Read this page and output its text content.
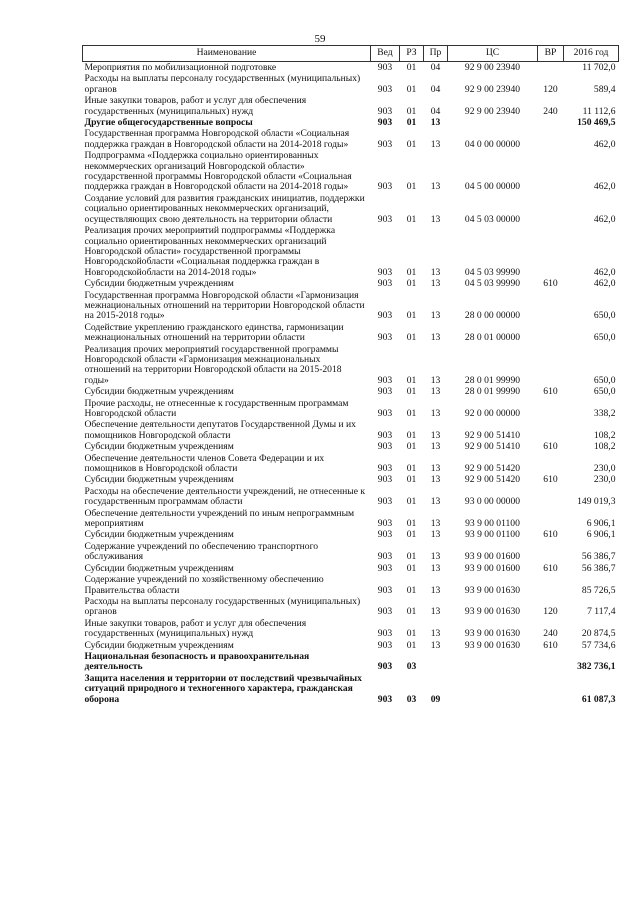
59
Наименование	Вед	РЗ	Пр	ЦС	ВР	2016 год
Мероприятия по мобилизационной подготовке	903	01	04	92 9 00 23940		11 702,0
Расходы на выплаты персоналу государственных (муниципальных) органов	903	01	04	92 9 00 23940	120	589,4
Иные закупки товаров, работ и услуг для обеспечения государственных (муниципальных) нужд	903	01	04	92 9 00 23940	240	11 112,6
Другие общегосударственные вопросы	903	01	13			150 469,5
Государственная программа Новгородской области «Социальная поддержка граждан в Новгородской области на 2014-2018 годы»	903	01	13	04 0 00 00000		462,0
Подпрограмма «Поддержка социально ориентированных некоммерческих организаций Новгородской области» государственной программы Новгородской области «Социальная поддержка граждан в Новгородской области на 2014-2018 годы»	903	01	13	04 5 00 00000		462,0
Создание условий для развития гражданских инициатив, поддержки социально ориентированных некоммерческих организаций, осуществляющих свою деятельность на территории области	903	01	13	04 5 03 00000		462,0
Реализация прочих мероприятий подпрограммы «Поддержка социально ориентированных некоммерческих организаций Новгородской области» государственной программы Новгородскойобласти «Социальная поддержка граждан в Новгородскойобласти на 2014-2018 годы»	903	01	13	04 5 03 99990		462,0
Субсидии бюджетным учреждениям	903	01	13	04 5 03 99990	610	462,0
Государственная программа Новгородской области «Гармонизация межнациональных отношений на территории Новгородской области на 2015-2018 годы»	903	01	13	28 0 00 00000		650,0
Содействие укреплению гражданского единства, гармонизации межнациональных отношений на территории области	903	01	13	28 0 01 00000		650,0
Реализация прочих мероприятий государственной программы Новгородской области «Гармонизация межнациональных отношений на территории Новгородской области на 2015-2018 годы»	903	01	13	28 0 01 99990		650,0
Субсидии бюджетным учреждениям	903	01	13	28 0 01 99990	610	650,0
Прочие расходы, не отнесенные к государственным программам Новгородской области	903	01	13	92 0 00 00000		338,2
Обеспечение деятельности депутатов Государственной Думы и их помощников Новгородской области	903	01	13	92 9 00 51410		108,2
Субсидии бюджетным учреждениям	903	01	13	92 9 00 51410	610	108,2
Обеспечение деятельности членов Совета Федерации и их помощников в Новгородской области	903	01	13	92 9 00 51420		230,0
Субсидии бюджетным учреждениям	903	01	13	92 9 00 51420	610	230,0
Расходы на обеспечение деятельности учреждений, не отнесенные к государственным программам области	903	01	13	93 0 00 00000		149 019,3
Обеспечение деятельности учреждений по иным непрограммным мероприятиям	903	01	13	93 9 00 01100		6 906,1
Субсидии бюджетным учреждениям	903	01	13	93 9 00 01100	610	6 906,1
Содержание учреждений по обеспечению транспортного обслуживания	903	01	13	93 9 00 01600		56 386,7
Субсидии бюджетным учреждениям	903	01	13	93 9 00 01600	610	56 386,7
Содержание учреждений по хозяйственному обеспечению Правительства области	903	01	13	93 9 00 01630		85 726,5
Расходы на выплаты персоналу государственных (муниципальных) органов	903	01	13	93 9 00 01630	120	7 117,4
Иные закупки товаров, работ и услуг для обеспечения государственных (муниципальных) нужд	903	01	13	93 9 00 01630	240	20 874,5
Субсидии бюджетным учреждениям	903	01	13	93 9 00 01630	610	57 734,6
Национальная безопасность и правоохранительная деятельность	903	03				382 736,1
Защита населения и территории от последствий чрезвычайных ситуаций природного и техногенного характера, гражданская оборона	903	03	09			61 087,3
